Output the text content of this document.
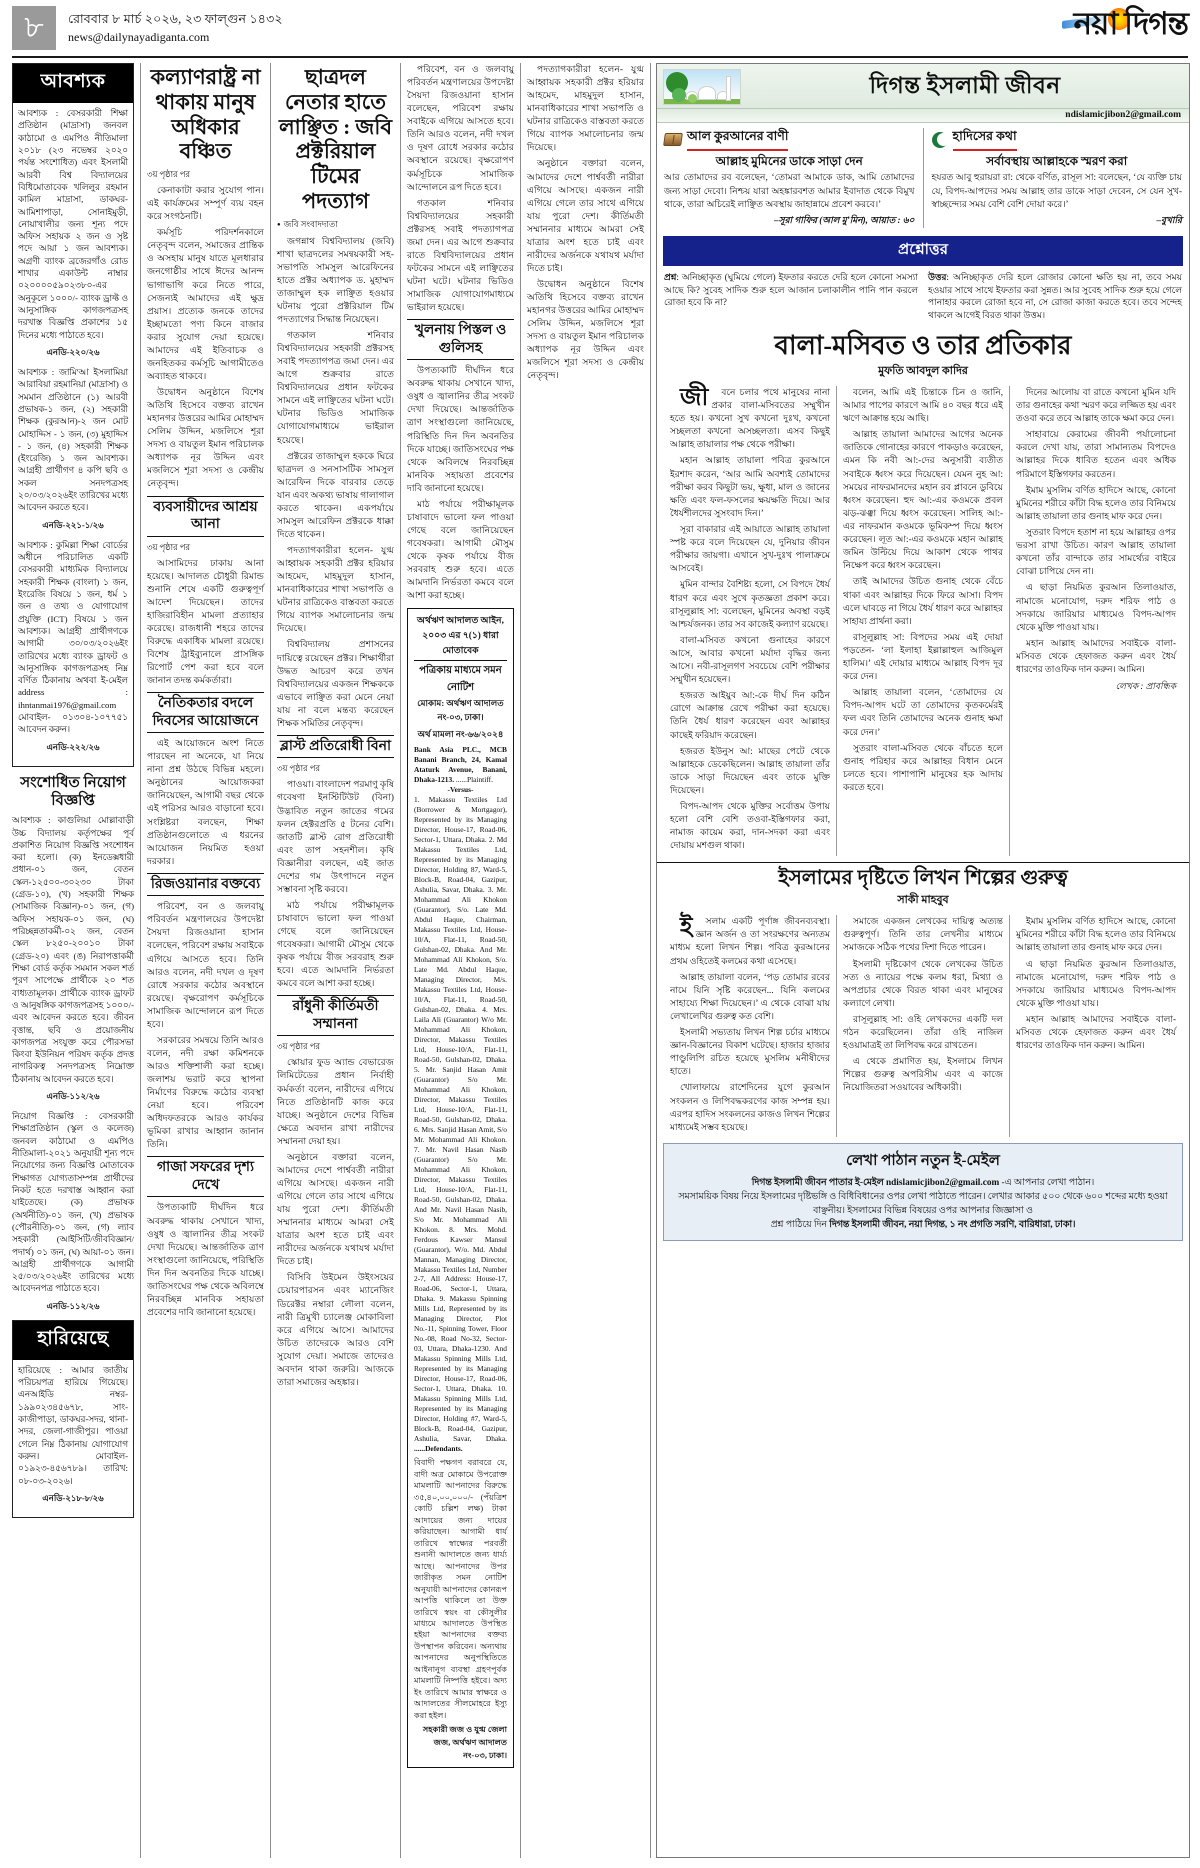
৮	রোববার ৮ মার্চ ২০২৬, ২৩ ফাল্গুন ১৪৩২
news@dailynayadiganta.com	নয়া দিগন্ত
আবশ্যক
আবশ্যক : বেসরকারী শিক্ষা প্রতিষ্ঠান (মাদ্রাসা) জনবল কাঠামো ও এমপিও নীতিমালা ২০১৮ (২৩ নভেম্বর ২০২০ পর্যন্ত সংশোধিত) এবং ইসলামী আরবী বিশ্ব বিদ্যালয়ের বিধিমোতাবেক খলিলুর রহমান কামিল মাদ্রাসা, ডাকঘর-আমিশাপাড়া, সোনাইমুড়ী, নোয়াখালীর জন্য শূন্য পদে অফিস সহায়ক ২ জন ও সৃষ্ট পদে আয়া ১ জন আবশ্যক। অগ্রণী ব্যাংক ব্রজেরগাঁও রোড শাখার একাউন্ট নাম্বার ০২০০০০৫৯০২৩৮০-এর অনুকূলে ১০০০/- ব্যাংক ড্রাফ্ট ও আনুসাঙ্গিক কাগজপত্রসহ দরখাস্ত বিজ্ঞপ্তি প্রকাশের ১৫ দিনের মধ্যে পাঠাতে হবে।
এনডি-২২০/২৬
আবশ্যক : জামি'আ ইসলামিয়া আরাবিয়া রহমানিয়া (মাদ্রাসা) ও সমমান প্রতিষ্ঠানে (১) আরবী প্রভাষক-১ জন, (২) সহকারী শিক্ষক (কুরআন)-২ জন মোট মোহাদ্দিস - ১ জন, (৩) মুহাদ্দিস - ১ জন, (৪) সহকারী শিক্ষক (ইংরেজি) ১ জন আবশ্যক। আগ্রহী প্রার্থীগণ ৪ কপি ছবি ও সকল সনদপত্রসহ ২০/০৩/২০২৬ইং তারিখের মধ্যে আবেদন করতে হবে।
এনডি-২২১-১/২৬
আবশ্যক : কুমিল্লা শিক্ষা বোর্ডের অধীনে পরিচালিত একটি বেসরকারী মাধ্যমিক বিদ্যালয়ে সহকারী শিক্ষক (বাংলা) ১ জন, ইংরেজি বিষয়ে ১ জন, ধর্ম ১ জন ও তথ্য ও যোগাযোগ প্রযুক্তি (ICT) বিষয়ে ১ জন আবশ্যক। আগ্রহী প্রার্থীগণকে আগামী ৩০/০৩/২০২৬ইং তারিখের মধ্যে ব্যাংক ড্রাফট ও আনুসাঙ্গিক কাগজপত্রসহ নিম্ন বর্ণিত ঠিকানায় অথবা ই-মেইল address : ihntanmai1976@gmail.com মোবাইল- ০১৩০৪-১০৭৭৫১ আবেদন করুন।
এনডি-২২২/২৬
সংশোধিত নিয়োগ বিজ্ঞপ্তি
আবশ্যক : কাগুলিয়া মোল্লাবাড়ী উচ্চ বিদ্যালয় কর্তৃপক্ষের পূর্ব প্রকাশিত নিয়োগ বিজ্ঞপ্তি সংশোধন করা হলো। (ক) ইনডেক্সধারী প্রধান-০১ জন, বেতন স্কেল-১২৫০০-৩০২৩০ টাকা (গ্রেড-১০), (খ) সহকারী শিক্ষক (সামাজিক বিজ্ঞান)-০১ জন, (গ) অফিস সহায়ক-০১ জন, (ঘ) পরিচ্ছন্নতাকর্মী-০২ জন, বেতন স্কেল ৮২৫০-২০০১০ টাকা (গ্রেড-২০) এবং (ঙ) নিরাপত্তাকর্মী শিক্ষা বোর্ড কর্তৃক সমমান সকল শর্ত পূরণ সাপেক্ষে প্রার্থীকে ২০ শত বাধ্যতামূলক। প্রার্থীকে ব্যাংক ড্রাফট ও আনুষঙ্গিক কাগজপত্রসহ ১০০০/- এবং আবেদন করতে হবে। জীবন বৃত্তান্ত, ছবি ও প্রয়োজনীয় কাগজপত্র সংযুক্ত করে পৌরসভা কিংবা ইউনিয়ন পরিষদ কর্তৃক প্রদত্ত নাগরিকত্ব সনদপত্রসহ নিম্নোক্ত ঠিকানায় আবেদন করতে হবে।
এনডি-১১২/২৬
নিয়োগ বিজ্ঞপ্তি : বেসরকারী শিক্ষাপ্রতিষ্ঠান (স্কুল ও কলেজ) জনবল কাঠামো ও এমপিও নীতিমালা-২০২১ অনুযায়ী শূন্য পদে নিয়োগের জন্য বিজ্ঞপ্তি মোতাবেক শিক্ষাগত যোগ্যতাসম্পন্ন প্রার্থীদের নিকট হতে দরখাস্ত আহ্বান করা যাইতেছে। (ক) প্রভাষক (অর্থনীতি)-০১ জন, (খ) প্রভাষক (পৌরনীতি)-০১ জন, (গ) ল্যাব সহকারী (আইসিটি/জীববিজ্ঞান/পদার্থ) ০১ জন, (ঘ) আয়া-০১ জন। আগ্রহী প্রার্থীগণকে আগামী ২৫/০৩/২০২৬ইং তারিখের মধ্যে আবেদনপত্র পাঠাতে হবে।
এনডি-১১২/২৬
হারিয়েছে
হারিয়েছে : আমার জাতীয় পরিচয়পত্র হারিয়ে গিয়েছে। এনআইডি নম্বর- ১৯৯০২৩৪৫৬৭৮, সাং-কাজীপাড়া, ডাকঘর-সদর, থানা-সদর, জেলা-গাজীপুর। পাওয়া গেলে নিম্ন ঠিকানায় যোগাযোগ করুন। মোবাইল- ০১৯২৩-৪৫৬৭৮৯। তারিখ: ০৮-০৩-২০২৬।
এনডি-২১৮-৮/২৬
কল্যাণরাষ্ট্র না থাকায় মানুষ অধিকার বঞ্চিত
৩য় পৃষ্ঠার পর

কেনাকাটা করার সুযোগ পান। এই কার্যক্রমের সম্পূর্ণ ব্যয় বহন করে সংগঠনটি।

কর্মসূচি পরিদর্শনকালে নেতৃবৃন্দ বলেন, সমাজের প্রান্তিক ও অসহায় মানুষ যাতে মূলধারার জনগোষ্ঠীর সাথে ঈদের আনন্দ ভাগাভাগি করে নিতে পারে, সেজন্যই আমাদের এই ক্ষুদ্র প্রয়াস। প্রত্যেক জনকে তাদের ইচ্ছামতো পণ্য কিনে বাজার করার সুযোগ দেয়া হয়েছে। আমাদের এই ইতিবাচক ও জনহিতকর কর্মসূচি আগামীতেও অব্যাহত থাকবে।

উদ্বোধন অনুষ্ঠানে বিশেষ অতিথি হিসেবে বক্তব্য রাখেন মহানগর উত্তরের আমির মোহাম্মদ সেলিম উদ্দিন, মজলিসে শূরা সদস্য ও বায়তুল ইমান পরিচালক অধ্যাপক নূর উদ্দিন এবং মজলিসে শূরা সদস্য ও কেন্দ্রীয় নেতৃবৃন্দ।

ব্যবসায়ীদের আশ্রয় আনা
৩য় পৃষ্ঠার পর

আসামিদের ঢাকায় আনা হয়েছে। আদালত চৌধুরী রিমান্ড শুনানি শেষে একটি গুরুত্বপূর্ণ আদেশ দিয়েছেন। তাদের হাজিরাবিহীন মামলা প্রত্যাহার করেছে। রাজধানী শহরে তাদের বিরুদ্ধে একাধিক মামলা রয়েছে। বিশেষ ট্রাইব্যুনালে প্রাসঙ্গিক রিপোর্ট পেশ করা হবে বলে জানান তদন্ত কর্মকর্তারা।

নৈতিকতার বদলে দিবসের আয়োজনে

এই আয়োজনে অংশ নিতে পারছেন না অনেকে, যা নিয়ে নানা প্রশ্ন উঠছে বিভিন্ন মহলে। অনুষ্ঠানের আয়োজকরা জানিয়েছেন, আগামী বছর থেকে এই পরিসর আরও বাড়ানো হবে। সংশ্লিষ্টরা বলছেন, শিক্ষা প্রতিষ্ঠানগুলোতে এ ধরনের আয়োজন নিয়মিত হওয়া দরকার।

রিজওয়ানার বক্তব্যে

পরিবেশ, বন ও জলবায়ু পরিবর্তন মন্ত্রণালয়ের উপদেষ্টা সৈয়দা রিজওয়ানা হাসান বলেছেন, পরিবেশ রক্ষায় সবাইকে এগিয়ে আসতে হবে। তিনি আরও বলেন, নদী দখল ও দূষণ রোধে সরকার কঠোর অবস্থানে রয়েছে। বৃক্ষরোপণ কর্মসূচিকে সামাজিক আন্দোলনে রূপ দিতে হবে।

সরকারের সমন্বয়ে তিনি আরও বলেন, নদী রক্ষা কমিশনকে আরও শক্তিশালী করা হচ্ছে। জলাশয় ভরাট করে স্থাপনা নির্মাণের বিরুদ্ধে কঠোর ব্যবস্থা নেয়া হবে। পরিবেশ অধিদফতরকে আরও কার্যকর ভূমিকা রাখার আহ্বান জানান তিনি।

গাজা সফরের দৃশ্য দেখে

উপত্যকাটি দীর্ঘদিন ধরে অবরুদ্ধ থাকায় সেখানে খাদ্য, ওষুধ ও জ্বালানির তীব্র সংকট দেখা দিয়েছে। আন্তর্জাতিক ত্রাণ সংস্থাগুলো জানিয়েছে, পরিস্থিতি দিন দিন অবনতির দিকে যাচ্ছে। জাতিসংঘের পক্ষ থেকে অবিলম্বে নিরবচ্ছিন্ন মানবিক সহায়তা প্রবেশের দাবি জানানো হয়েছে।

ছাত্রদল নেতার হাতে লাঞ্ছিত : জবি প্রক্টরিয়াল টিমের পদত্যাগ
● জবি সংবাদদাতা

জগন্নাথ বিশ্ববিদ্যালয় (জবি) শাখা ছাত্রদলের সমন্বয়কারী সহ-সভাপতি সামসুল আরেফিনের হাতে প্রক্টর অধ্যাপক ড. মুহাম্মদ তাজাম্মুল হক লাঞ্ছিত হওয়ার ঘটনায় পুরো প্রক্টরিয়াল টিম পদত্যাগের সিদ্ধান্ত নিয়েছেন।

গতকাল শনিবার বিশ্ববিদ্যালয়ের সহকারী প্রক্টরসহ সবাই পদত্যাগপত্র জমা দেন। এর আগে শুক্রবার রাতে বিশ্ববিদ্যালয়ের প্রধান ফটকের সামনে এই লাঞ্ছিতের ঘটনা ঘটে। ঘটনার ভিডিও সামাজিক যোগাযোগমাধ্যমে ভাইরাল হয়েছে।

প্রক্টরের তাজাম্মুল হককে ঘিরে ছাত্রদল ও সনসাসটিক সামসুল আরেফিন দিকে বারবার তেড়ে যান এবং অকথ্য ভাষায় গালাগাল করতে থাকেন। একপর্যায়ে সামসুল আরেফিন প্রক্টরকে ধাক্কা দিতে থাকেন।

পদত্যাগকারীরা হলেন- যুগ্ম আহ্বায়ক সহকারী প্রক্টর হরিয়ার আহমেদ, মাহমুদুল হাসান, মানবাধিকারের শাখা সভাপতি ও ঘটনার রাত্রিকেও বাস্তবতা করতে গিয়ে ব্যাপক সমালোচনার জন্ম দিয়েছে।

বিশ্ববিদ্যালয় প্রশাসনের দায়িত্বে রয়েছেন প্রক্টর। শিক্ষার্থীরা উদ্ধত আচরণ করে তখন বিশ্ববিদ্যালয়ের একজন শিক্ষককে এভাবে লাঞ্ছিত করা মেনে নেয়া যায় না বলে মন্তব্য করেছেন শিক্ষক সমিতির নেতৃবৃন্দ।

ব্লাস্ট প্রতিরোধী বিনা
৩য় পৃষ্ঠার পর

পাওয়া। বাংলাদেশ পরমাণু কৃষি গবেষণা ইনস্টিটিউট (বিনা) উদ্ভাবিত নতুন জাতের গমের ফলন হেক্টরপ্রতি ৫ টনের বেশি। জাতটি ব্লাস্ট রোগ প্রতিরোধী এবং তাপ সহনশীল। কৃষি বিজ্ঞানীরা বলছেন, এই জাত দেশের গম উৎপাদনে নতুন সম্ভাবনা সৃষ্টি করবে।

মাঠ পর্যায়ে পরীক্ষামূলক চাষাবাদে ভালো ফল পাওয়া গেছে বলে জানিয়েছেন গবেষকরা। আগামী মৌসুম থেকে কৃষক পর্যায়ে বীজ সরবরাহ শুরু হবে। এতে আমদানি নির্ভরতা কমবে বলে আশা করা হচ্ছে।

রাঁধুনী কীর্তিমতী সম্মাননা
৩য় পৃষ্ঠার পর

স্কোয়ার ফুড অ্যান্ড বেভারেজ লিমিটেডের প্রধান নির্বাহী কর্মকর্তা বলেন, নারীদের এগিয়ে নিতে প্রতিষ্ঠানটি কাজ করে যাচ্ছে। অনুষ্ঠানে দেশের বিভিন্ন ক্ষেত্রে অবদান রাখা নারীদের সম্মাননা দেয়া হয়।

অনুষ্ঠানে বক্তারা বলেন, আমাদের দেশে পার্শ্ববর্তী নারীরা এগিয়ে আসছে। একজন নারী এগিয়ে গেলে তার সাথে এগিয়ে যায় পুরো দেশ। কীর্তিমতী সম্মাননার মাধ্যমে আমরা সেই যাত্রার অংশ হতে চাই এবং নারীদের অর্জনকে যথাযথ মর্যাদা দিতে চাই।

বিসিবি উইমেন উইংসয়ের চেয়ারপারসন এবং ম্যানেজিং ডিরেক্টর নম্বারা লৌলা বলেন, নারী ত্রিমুখী চ্যালেঞ্জ মোকাবিলা করে এগিয়ে আসে। আমাদের উচিত তাদেরকে আরও বেশি সুযোগ দেয়া। সমাজে তাদেরও অবদান থাকা জরুরি। আজকে তারা সমাজের অহঙ্কার।

পরিবেশ, বন ও জলবায়ু পরিবর্তন মন্ত্রণালয়ের উপদেষ্টা সৈয়দা রিজওয়ানা হাসান বলেছেন, পরিবেশ রক্ষায় সবাইকে এগিয়ে আসতে হবে। তিনি আরও বলেন, নদী দখল ও দূষণ রোধে সরকার কঠোর অবস্থানে রয়েছে। বৃক্ষরোপণ কর্মসূচিকে সামাজিক আন্দোলনে রূপ দিতে হবে।

গতকাল শনিবার বিশ্ববিদ্যালয়ের সহকারী প্রক্টরসহ সবাই পদত্যাগপত্র জমা দেন। এর আগে শুক্রবার রাতে বিশ্ববিদ্যালয়ের প্রধান ফটকের সামনে এই লাঞ্ছিতের ঘটনা ঘটে। ঘটনার ভিডিও সামাজিক যোগাযোগমাধ্যমে ভাইরাল হয়েছে।

খুলনায় পিস্তল ও গুলিসহ

উপত্যকাটি দীর্ঘদিন ধরে অবরুদ্ধ থাকায় সেখানে খাদ্য, ওষুধ ও জ্বালানির তীব্র সংকট দেখা দিয়েছে। আন্তর্জাতিক ত্রাণ সংস্থাগুলো জানিয়েছে, পরিস্থিতি দিন দিন অবনতির দিকে যাচ্ছে। জাতিসংঘের পক্ষ থেকে অবিলম্বে নিরবচ্ছিন্ন মানবিক সহায়তা প্রবেশের দাবি জানানো হয়েছে।

মাঠ পর্যায়ে পরীক্ষামূলক চাষাবাদে ভালো ফল পাওয়া গেছে বলে জানিয়েছেন গবেষকরা। আগামী মৌসুম থেকে কৃষক পর্যায়ে বীজ সরবরাহ শুরু হবে। এতে আমদানি নির্ভরতা কমবে বলে আশা করা হচ্ছে।

অর্থঋণ আদালত আইন, ২০০৩ এর ৭(১) ধারা মোতাবেক
পত্রিকায় মাধ্যমে সমন নোটিশ
মোকাম: অর্থঋণ আদালত নং-০৩, ঢাকা।
অর্থ মামলা নং-৬৬/২০২৪
Bank Asia PLC., MCB Banani Branch, 24, Kamal Ataturk Avenue, Banani, Dhaka-1213. ......Plaintiff.
-Versus-
1. Makassu Textiles Ltd (Borrower & Mortgagor), Represented by its Managing Director, House-17, Road-06, Sector-1, Uttara, Dhaka. 2. Md Makassu Textiles Ltd, Represented by its Managing Director, Holding 87, Ward-5, Block-B, Road-04, Gazipur, Ashulia, Savar, Dhaka. 3. Mr. Mohammad Ali Khokon (Guarantor), S/o. Late Md. Abdul Haque, Chairman, Makassu Textiles Ltd, House-10/A, Flat-11, Road-50, Gulshan-02, Dhaka. And Mr. Mohammad Ali Khokon, S/o. Late Md. Abdul Haque, Managing Director, M/s. Makassu Textiles Ltd, House-10/A, Flat-11, Road-50, Gulshan-02, Dhaka. 4. Mrs. Laila Ali (Guarantor) W/o Mr. Mohammad Ali Khokon, Director, Makassu Textiles Ltd, House-10/A, Flat-11, Road-50, Gulshan-02, Dhaka. 5. Mr. Sanjid Hasan Amit (Guarantor) S/o Mr. Mohammad Ali Khokon, Director, Makassu Textiles Ltd, House-10/A, Flat-11, Road-50, Gulshan-02, Dhaka. 6. Mrs. Sanjid Hasan Amit, S/o Mr. Mohammad Ali Khokon. 7. Mr. Navil Hasan Nasib (Guarantor) S/o Mr. Mohammad Ali Khokon, Director, Makassu Textiles Ltd, House-10/A, Flat-11, Road-50, Gulshan-02, Dhaka. And Mr. Navil Hasan Nasib, S/o Mr. Mohammad Ali Khokon. 8. Mrs. Mohd. Ferdous Kawser Mansul (Guarantor), W/o. Md. Abdul Mannan, Managing Director, Makassu Textiles Ltd, Number 2-7, All Address: House-17, Road-06, Sector-1, Uttara, Dhaka. 9. Makassu Spinning Mills Ltd, Represented by its Managing Director, Plot No.-11, Spinning Tower, Floor No.-08, Road No-32, Sector-03, Uttara, Dhaka-1230. And Makassu Spinning Mills Ltd, Represented by its Managing Director, House-17, Road-06, Sector-1, Uttara, Dhaka. 10. Makassu Spinning Mills Ltd, Represented by its Managing Director, Holding #7, Ward-5, Block-B, Road-04, Gazipur, Ashulia, Savar, Dhaka. ......Defendants.
বিবাদী পক্ষগণ বরাবরে যে, বাদী অত্র মোকামে উপরোক্ত মামলাটি আপনাদের বিরুদ্ধে ৩৫,৪০,০০,০০০/- (পঁয়ত্রিশ কোটি চল্লিশ লক্ষ) টাকা আদায়ের জন্য দায়ের করিয়াছেন। আগামী ধার্য তারিখে স্বাক্ষ্যের পরবর্তী শুনানী আদালতে জন্য ধার্য্য আছে। আপনাদের উপর জারীকৃত সমন নোটিশ অনুযায়ী আপনাদের কোনরূপ আপত্তি থাকিলে তা উক্ত তারিখে স্বয়ং বা কৌসুলীর মাধ্যমে আদালতে উপস্থিত হইয়া আপনাদের বক্তব্য উপস্থাপন করিবেন। অন্যথায় আপনাদের অনুপস্থিতিতে আইনানুগ ব্যবস্থা গ্রহণপূর্বক মামলাটি নিষ্পত্তি হইবে। অদ্য ইং তারিখে আমার স্বাক্ষরে ও আদালতের সীলমোহরে ইস্যু করা হইল।
সহকারী জজ ও যুগ্ম জেলা জজ, অর্থঋণ আদালত নং-০৩, ঢাকা।

পদত্যাগকারীরা হলেন- যুগ্ম আহ্বায়ক সহকারী প্রক্টর হরিয়ার আহমেদ, মাহমুদুল হাসান, মানবাধিকারের শাখা সভাপতি ও ঘটনার রাত্রিকেও বাস্তবতা করতে গিয়ে ব্যাপক সমালোচনার জন্ম দিয়েছে।

অনুষ্ঠানে বক্তারা বলেন, আমাদের দেশে পার্শ্ববর্তী নারীরা এগিয়ে আসছে। একজন নারী এগিয়ে গেলে তার সাথে এগিয়ে যায় পুরো দেশ। কীর্তিমতী সম্মাননার মাধ্যমে আমরা সেই যাত্রার অংশ হতে চাই এবং নারীদের অর্জনকে যথাযথ মর্যাদা দিতে চাই।

উদ্বোধন অনুষ্ঠানে বিশেষ অতিথি হিসেবে বক্তব্য রাখেন মহানগর উত্তরের আমির মোহাম্মদ সেলিম উদ্দিন, মজলিসে শূরা সদস্য ও বায়তুল ইমান পরিচালক অধ্যাপক নূর উদ্দিন এবং মজলিসে শূরা সদস্য ও কেন্দ্রীয় নেতৃবৃন্দ।

দিগন্ত ইসলামী জীবন
ndislamicjibon2@gmail.com
আল কুরআনের বাণী
আল্লাহ মুমিনের ডাকে সাড়া দেন
আর তোমাদের রব বলেছেন, ‘তোমরা আমাকে ডাক, আমি তোমাদের জন্য সাড়া দেবো। নিশ্চয় যারা অহঙ্কারবশত আমার ইবাদাত থেকে বিমুখ থাকে, তারা অচিরেই লাঞ্ছিত অবস্থায় জাহান্নামে প্রবেশ করবে।’
–সূরা গাফির (আল মু’মিন), আয়াত : ৬০
হাদিসের কথা
সর্বাবস্থায় আল্লাহকে স্মরণ করা
হযরত আবু হুরায়রা রা: থেকে বর্ণিত, রাসূল সা: বলেছেন, ‘যে ব্যক্তি চায় যে, বিপদ-আপদের সময় আল্লাহ তার ডাকে সাড়া দেবেন, সে যেন সুখ-স্বাচ্ছন্দ্যের সময় বেশি বেশি দোয়া করে।’
–বুখারি
প্রশ্নোত্তর
প্রশ্ন: অনিচ্ছাকৃত (ঘুমিয়ে গেলে) ইফতার করতে দেরি হলে কোনো সমস্যা আছে কি? সুবেহ সাদিক শুরু হলে আজান চলাকালীন পানি পান করলে রোজা হবে কি না?
উত্তর: অনিচ্ছাকৃত দেরি হলে রোজার কোনো ক্ষতি হয় না, তবে সময় হওয়ার সাথে সাথে ইফতার করা সুন্নত। আর সুবেহ সাদিক শুরু হয়ে গেলে পানাহার করলে রোজা হবে না, সে রোজা কাজা করতে হবে। তবে সন্দেহ থাকলে আগেই বিরত থাকা উত্তম।
বালা-মসিবত ও তার প্রতিকার
মুফতি আবদুল কাদির

জীবনে চলার পথে মানুষের নানা প্রকার বালা-মসিবতের সম্মুখীন হতে হয়। কখনো সুখ কখনো দুঃখ, কখনো সচ্ছলতা কখনো অসচ্ছলতা। এসব কিছুই আল্লাহ তায়ালার পক্ষ থেকে পরীক্ষা।

মহান আল্লাহ তায়ালা পবিত্র কুরআনে ইরশাদ করেন, ‘আর আমি অবশ্যই তোমাদের পরীক্ষা করব কিছুটা ভয়, ক্ষুধা, মাল ও জানের ক্ষতি এবং ফল-ফসলের ক্ষয়ক্ষতি দিয়ে। আর ধৈর্যশীলদের সুসংবাদ দিন।’

সূরা বাকারার এই আয়াতে আল্লাহ তায়ালা স্পষ্ট করে বলে দিয়েছেন যে, দুনিয়ার জীবন পরীক্ষার জায়গা। এখানে সুখ-দুঃখ পালাক্রমে আসবেই।

মুমিন বান্দার বৈশিষ্ট্য হলো, সে বিপদে ধৈর্য ধারণ করে এবং সুখে কৃতজ্ঞতা প্রকাশ করে। রাসূলুল্লাহ সা: বলেছেন, মুমিনের অবস্থা বড়ই আশ্চর্যজনক। তার সব কাজেই কল্যাণ রয়েছে।

বালা-মসিবত কখনো গুনাহের কারণে আসে, আবার কখনো মর্যাদা বৃদ্ধির জন্য আসে। নবী-রাসূলগণ সবচেয়ে বেশি পরীক্ষার সম্মুখীন হয়েছেন।

হজরত আইয়ুব আ:-কে দীর্ঘ দিন কঠিন রোগে আক্রান্ত রেখে পরীক্ষা করা হয়েছে। তিনি ধৈর্য ধারণ করেছেন এবং আল্লাহর কাছেই ফরিয়াদ করেছেন।

হজরত ইউনুস আ: মাছের পেটে থেকে আল্লাহকে ডেকেছিলেন। আল্লাহ তায়ালা তাঁর ডাকে সাড়া দিয়েছেন এবং তাকে মুক্তি দিয়েছেন।

বিপদ-আপদ থেকে মুক্তির সর্বোত্তম উপায় হলো বেশি বেশি তওবা-ইস্তিগফার করা, নামাজ কায়েম করা, দান-সদকা করা এবং দোয়ায় মশগুল থাকা।

বলেন, আমি এই চিন্তাকে চিন ও জানি, আমার পাপের কারণে আমি ৪০ বছর ধরে এই ঋণে আক্রান্ত হয়ে আছি।

আল্লাহ তায়ালা আমাদের আগের অনেক জাতিকে গোনাহের কারণে পাকড়াও করেছেন, এমন কি নবী আ:-দের অনুসারী ব্যতীত সবাইকে ধ্বংস করে দিয়েছেন। যেমন নুহ আ: সময়ের নাফরমানদের মহান রব প্লাবনে ডুবিয়ে ধ্বংস করেছেন। হুদ আ:-এর কওমকে প্রবল ঝড়-ঝঞ্ঝা দিয়ে ধ্বংস করেছেন। সালিহ আ:-এর নাফরমান কওমকে ভূমিকম্প দিয়ে ধ্বংস করেছেন। লূত আ:-এর কওমকে মহান আল্লাহ জমিন উল্টিয়ে দিয়ে আকাশ থেকে পাথর নিক্ষেপ করে ধ্বংস করেছেন।

তাই আমাদের উচিত গুনাহ থেকে বেঁচে থাকা এবং আল্লাহর দিকে ফিরে আসা। বিপদ এলে ঘাবড়ে না গিয়ে ধৈর্য ধারণ করে আল্লাহর সাহায্য প্রার্থনা করা।

রাসূলুল্লাহ সা: বিপদের সময় এই দোয়া পড়তেন- ‘লা ইলাহা ইল্লাল্লাহুল আজিমুল হালিম।’ এই দোয়ার মাধ্যমে আল্লাহ বিপদ দূর করে দেন।

আল্লাহ তায়ালা বলেন, ‘তোমাদের যে বিপদ-আপদ ঘটে তা তোমাদের কৃতকর্মেরই ফল এবং তিনি তোমাদের অনেক গুনাহ ক্ষমা করে দেন।’

সুতরাং বালা-মসিবত থেকে বাঁচতে হলে গুনাহ পরিহার করে আল্লাহর বিধান মেনে চলতে হবে। পাশাপাশি মানুষের হক আদায় করতে হবে।

দিনের আলোয় বা রাতে কখনো মুমিন যদি তার গুনাহের কথা স্মরণ করে লজ্জিত হয় এবং তওবা করে তবে আল্লাহ তাকে ক্ষমা করে দেন।

সাহাবায়ে কেরামের জীবনী পর্যালোচনা করলে দেখা যায়, তারা সামান্যতম বিপদেও আল্লাহর দিকে ধাবিত হতেন এবং অধিক পরিমাণে ইস্তিগফার করতেন।

ইমাম মুসলিম বর্ণিত হাদিসে আছে, কোনো মুমিনের শরীরে কাঁটা বিদ্ধ হলেও তার বিনিময়ে আল্লাহ তায়ালা তার গুনাহ মাফ করে দেন।

সুতরাং বিপদে হতাশ না হয়ে আল্লাহর ওপর ভরসা রাখা উচিত। কারণ আল্লাহ তায়ালা কখনো তাঁর বান্দাকে তার সামর্থ্যের বাইরে বোঝা চাপিয়ে দেন না।

এ ছাড়া নিয়মিত কুরআন তিলাওয়াত, নামাজে মনোযোগ, দরুদ শরিফ পাঠ ও সদকায়ে জারিয়ার মাধ্যমেও বিপদ-আপদ থেকে মুক্তি পাওয়া যায়।

মহান আল্লাহ আমাদের সবাইকে বালা-মসিবত থেকে হেফাজত করুন এবং ধৈর্য ধারণের তাওফিক দান করুন। আমিন।

লেখক : প্রাবন্ধিক
ইসলামের দৃষ্টিতে লিখন শিল্পের গুরুত্ব
সাকী মাহবুব

ইসলাম একটি পূর্ণাঙ্গ জীবনব্যবস্থা। জ্ঞান অর্জন ও তা সংরক্ষণের অন্যতম মাধ্যম হলো লিখন শিল্প। পবিত্র কুরআনের প্রথম ওহিতেই কলমের কথা এসেছে।

আল্লাহ তায়ালা বলেন, ‘পড় তোমার রবের নামে যিনি সৃষ্টি করেছেন... যিনি কলমের সাহায্যে শিক্ষা দিয়েছেন।’ এ থেকে বোঝা যায় লেখালেখির গুরুত্ব কত বেশি।

ইসলামী সভ্যতায় লিখন শিল্প চর্চার মাধ্যমে জ্ঞান-বিজ্ঞানের বিকাশ ঘটেছে। হাজার হাজার পাণ্ডুলিপি রচিত হয়েছে মুসলিম মনীষীদের হাতে।

খোলাফায়ে রাশেদিনের যুগে কুরআন সংকলন ও লিপিবদ্ধকরণের কাজ সম্পন্ন হয়। এরপর হাদিস সংকলনের কাজও লিখন শিল্পের মাধ্যমেই সম্ভব হয়েছে।

সমাজে একজন লেখকের দায়িত্ব অত্যন্ত গুরুত্বপূর্ণ। তিনি তার লেখনীর মাধ্যমে সমাজকে সঠিক পথের দিশা দিতে পারেন।

ইসলামী দৃষ্টিকোণ থেকে লেখকের উচিত সত্য ও ন্যায়ের পক্ষে কলম ধরা, মিথ্যা ও অপপ্রচার থেকে বিরত থাকা এবং মানুষের কল্যাণে লেখা।

রাসূলুল্লাহ সা: ওহি লেখকদের একটি দল গঠন করেছিলেন। তাঁরা ওহি নাজিল হওয়ামাত্রই তা লিপিবদ্ধ করে রাখতেন।

এ থেকে প্রমাণিত হয়, ইসলামে লিখন শিল্পের গুরুত্ব অপরিসীম এবং এ কাজে নিয়োজিতরা সওয়াবের অধিকারী।

ইমাম মুসলিম বর্ণিত হাদিসে আছে, কোনো মুমিনের শরীরে কাঁটা বিদ্ধ হলেও তার বিনিময়ে আল্লাহ তায়ালা তার গুনাহ মাফ করে দেন।

এ ছাড়া নিয়মিত কুরআন তিলাওয়াত, নামাজে মনোযোগ, দরুদ শরিফ পাঠ ও সদকায়ে জারিয়ার মাধ্যমেও বিপদ-আপদ থেকে মুক্তি পাওয়া যায়।

মহান আল্লাহ আমাদের সবাইকে বালা-মসিবত থেকে হেফাজত করুন এবং ধৈর্য ধারণের তাওফিক দান করুন। আমিন।

লেখা পাঠান নতুন ই-মেইল
দিগন্ত ইসলামী জীবন পাতার ই-মেইল ndislamicjibon2@gmail.com -এ আপনার লেখা পাঠান।
সমসাময়িক বিষয় নিয়ে ইসলামের দৃষ্টিভঙ্গি ও বিধিবিধানের ওপর লেখা পাঠাতে পারেন। লেখার আকার ৫০০ থেকে ৬০০ শব্দের মধ্যে হওয়া বাঞ্ছনীয়। ইসলামের বিভিন্ন বিষয়ের ওপর আপনার জিজ্ঞাসা ও
প্রশ্ন পাঠিয়ে দিন দিগন্ত ইসলামী জীবন, নয়া দিগন্ত, ১ নং প্রগতি সরণি, বারিধারা, ঢাকা।
